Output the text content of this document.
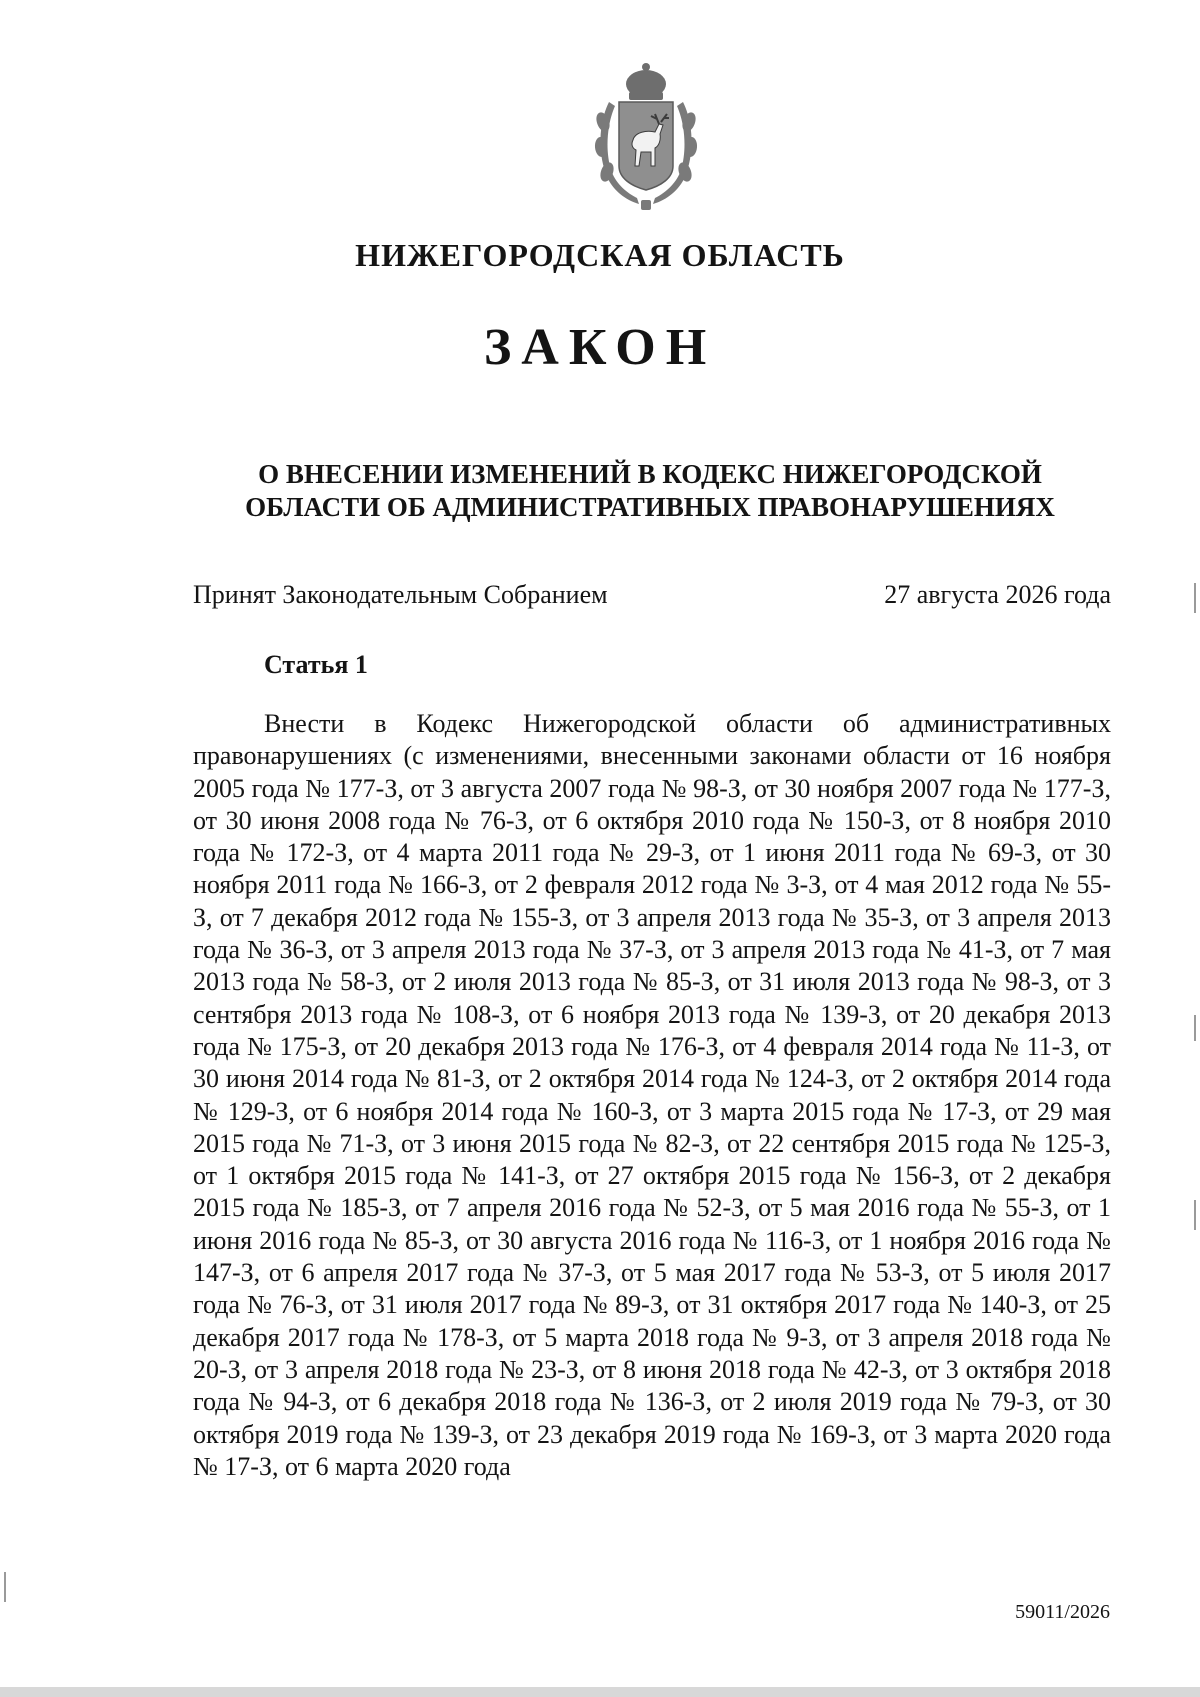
НИЖЕГОРОДСКАЯ ОБЛАСТЬ
ЗАКОН
О ВНЕСЕНИИ ИЗМЕНЕНИЙ В КОДЕКС НИЖЕГОРОДСКОЙ
ОБЛАСТИ ОБ АДМИНИСТРАТИВНЫХ ПРАВОНАРУШЕНИЯХ
Принят Законодательным Собранием	27 августа 2026 года
Статья 1

Внести в Кодекс Нижегородской области об административных правонарушениях (с изменениями, внесенными законами области от 16 ноября 2005 года № 177-З, от 3 августа 2007 года № 98-З, от 30 ноября 2007 года № 177-З, от 30 июня 2008 года № 76-З, от 6 октября 2010 года № 150-З, от 8 ноября 2010 года № 172-З, от 4 марта 2011 года № 29-З, от 1 июня 2011 года № 69-З, от 30 ноября 2011 года № 166-З, от 2 февраля 2012 года № 3-З, от 4 мая 2012 года № 55-З, от 7 декабря 2012 года № 155-З, от 3 апреля 2013 года № 35-З, от 3 апреля 2013 года № 36-З, от 3 апреля 2013 года № 37-З, от 3 апреля 2013 года № 41-З, от 7 мая 2013 года № 58-З, от 2 июля 2013 года № 85-З, от 31 июля 2013 года № 98-З, от 3 сентября 2013 года № 108-З, от 6 ноября 2013 года № 139-З, от 20 декабря 2013 года № 175-З, от 20 декабря 2013 года № 176-З, от 4 февраля 2014 года № 11-З, от 30 июня 2014 года № 81-З, от 2 октября 2014 года № 124-З, от 2 октября 2014 года № 129-З, от 6 ноября 2014 года № 160-З, от 3 марта 2015 года № 17-З, от 29 мая 2015 года № 71-З, от 3 июня 2015 года № 82-З, от 22 сентября 2015 года № 125-З, от 1 октября 2015 года № 141-З, от 27 октября 2015 года № 156-З, от 2 декабря 2015 года № 185-З, от 7 апреля 2016 года № 52-З, от 5 мая 2016 года № 55-З, от 1 июня 2016 года № 85-З, от 30 августа 2016 года № 116-З, от 1 ноября 2016 года № 147-З, от 6 апреля 2017 года № 37-З, от 5 мая 2017 года № 53-З, от 5 июля 2017 года № 76-З, от 31 июля 2017 года № 89-З, от 31 октября 2017 года № 140-З, от 25 декабря 2017 года № 178-З, от 5 марта 2018 года № 9-З, от 3 апреля 2018 года № 20-З, от 3 апреля 2018 года № 23-З, от 8 июня 2018 года № 42-З, от 3 октября 2018 года № 94-З, от 6 декабря 2018 года № 136-З, от 2 июля 2019 года № 79-З, от 30 октября 2019 года № 139-З, от 23 декабря 2019 года № 169-З, от 3 марта 2020 года № 17-З, от 6 марта 2020 года

59011/2026
